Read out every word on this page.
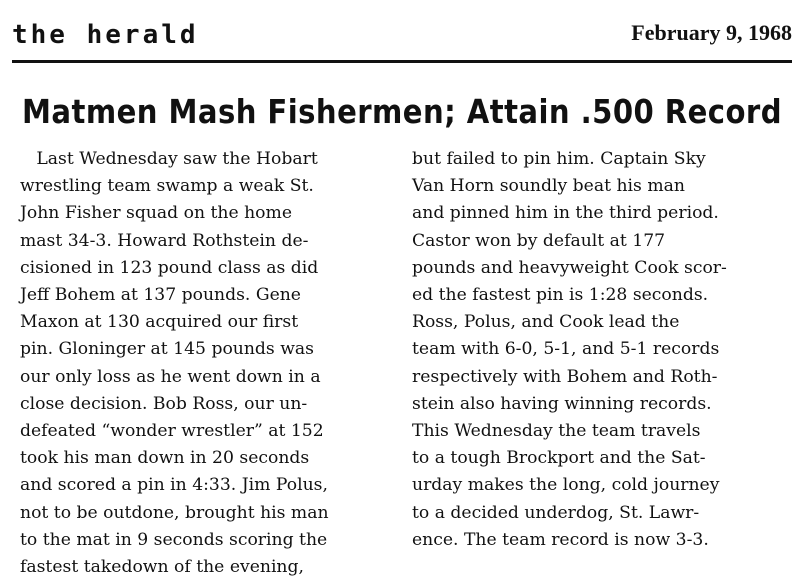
the herald	February 9, 1968
Matmen Mash Fishermen; Attain .500 Record
Last Wednesday saw the Hobart
wrestling team swamp a weak St.
John Fisher squad on the home
mast 34-3. Howard Rothstein de-
cisioned in 123 pound class as did
Jeff Bohem at 137 pounds. Gene
Maxon at 130 acquired our first
pin. Gloninger at 145 pounds was
our only loss as he went down in a
close decision. Bob Ross, our un-
defeated “wonder wrestler” at 152
took his man down in 20 seconds
and scored a pin in 4:33. Jim Polus,
not to be outdone, brought his man
to the mat in 9 seconds scoring the
fastest takedown of the evening,
but failed to pin him. Captain Sky
Van Horn soundly beat his man
and pinned him in the third period.
Castor won by default at 177
pounds and heavyweight Cook scor-
ed the fastest pin is 1:28 seconds.
Ross, Polus, and Cook lead the
team with 6-0, 5-1, and 5-1 records
respectively with Bohem and Roth-
stein also having winning records.
This Wednesday the team travels
to a tough Brockport and the Sat-
urday makes the long, cold journey
to a decided underdog, St. Lawr-
ence. The team record is now 3-3.
